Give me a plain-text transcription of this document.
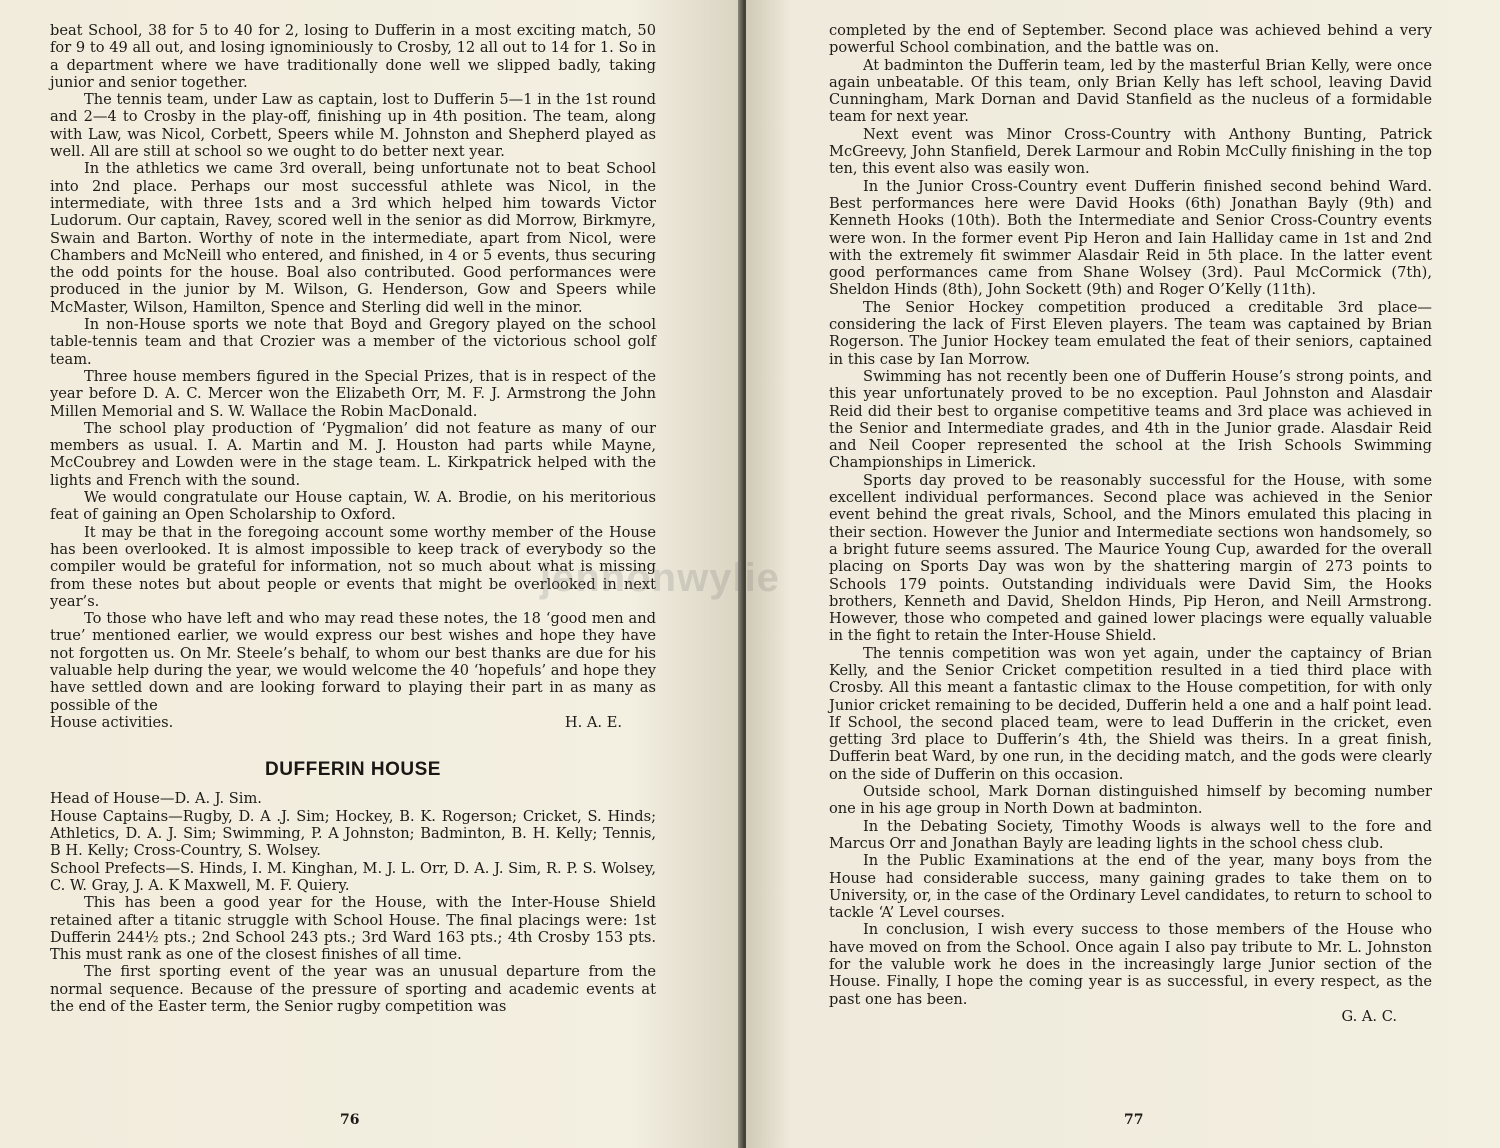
beat School, 38 for 5 to 40 for 2, losing to Dufferin in a most exciting match, 50 for 9 to 49 all out, and losing ignominiously to Crosby, 12 all out to 14 for 1. So in a department where we have traditionally done well we slipped badly, taking junior and senior together.

The tennis team, under Law as captain, lost to Dufferin 5—1 in the 1st round and 2—4 to Crosby in the play-off, finishing up in 4th position. The team, along with Law, was Nicol, Corbett, Speers while M. Johnston and Shepherd played as well. All are still at school so we ought to do better next year.

In the athletics we came 3rd overall, being unfortunate not to beat School into 2nd place. Perhaps our most successful athlete was Nicol, in the intermediate, with three 1sts and a 3rd which helped him towards Victor Ludorum. Our captain, Ravey, scored well in the senior as did Morrow, Birkmyre, Swain and Barton. Worthy of note in the intermediate, apart from Nicol, were Chambers and McNeill who entered, and finished, in 4 or 5 events, thus securing the odd points for the house. Boal also contributed. Good performances were produced in the junior by M. Wilson, G. Henderson, Gow and Speers while McMaster, Wilson, Hamilton, Spence and Sterling did well in the minor.

In non-House sports we note that Boyd and Gregory played on the school table-tennis team and that Crozier was a member of the victorious school golf team.

Three house members figured in the Special Prizes, that is in respect of the year before D. A. C. Mercer won the Elizabeth Orr, M. F. J. Armstrong the John Millen Memorial and S. W. Wallace the Robin MacDonald.

The school play production of ‘Pygmalion’ did not feature as many of our members as usual. I. A. Martin and M. J. Houston had parts while Mayne, McCoubrey and Lowden were in the stage team. L. Kirkpatrick helped with the lights and French with the sound.

We would congratulate our House captain, W. A. Brodie, on his meritorious feat of gaining an Open Scholarship to Oxford.

It may be that in the foregoing account some worthy member of the House has been overlooked. It is almost impossible to keep track of everybody so the compiler would be grateful for information, not so much about what is missing from these notes but about people or events that might be overlooked in next year’s.

To those who have left and who may read these notes, the 18 ‘good men and true’ mentioned earlier, we would express our best wishes and hope they have not forgotten us. On Mr. Steele’s behalf, to whom our best thanks are due for his valuable help during the year, we would welcome the 40 ‘hopefuls’ and hope they have settled down and are looking forward to playing their part in as many as possible of the

House activities.	H. A. E.
DUFFERIN HOUSE

Head of House—D. A. J. Sim.

House Captains—Rugby, D. A .J. Sim; Hockey, B. K. Rogerson; Cricket, S. Hinds; Athletics, D. A. J. Sim; Swimming, P. A Johnston; Badminton, B. H. Kelly; Tennis, B H. Kelly; Cross-Country, S. Wolsey.

School Prefects—S. Hinds, I. M. Kinghan, M. J. L. Orr, D. A. J. Sim, R. P. S. Wolsey, C. W. Gray, J. A. K Maxwell, M. F. Quiery.

This has been a good year for the House, with the Inter-House Shield retained after a titanic struggle with School House. The final placings were: 1st Dufferin 244½ pts.; 2nd School 243 pts.; 3rd Ward 163 pts.; 4th Crosby 153 pts. This must rank as one of the closest finishes of all time.

The first sporting event of the year was an unusual departure from the normal sequence. Because of the pressure of sporting and academic events at the end of the Easter term, the Senior rugby competition was

76

completed by the end of September. Second place was achieved behind a very powerful School combination, and the battle was on.

At badminton the Dufferin team, led by the masterful Brian Kelly, were once again unbeatable. Of this team, only Brian Kelly has left school, leaving David Cunningham, Mark Dornan and David Stanfield as the nucleus of a formidable team for next year.

Next event was Minor Cross-Country with Anthony Bunting, Patrick McGreevy, John Stanfield, Derek Larmour and Robin McCully finishing in the top ten, this event also was easily won.

In the Junior Cross-Country event Dufferin finished second behind Ward. Best performances here were David Hooks (6th) Jonathan Bayly (9th) and Kenneth Hooks (10th). Both the Intermediate and Senior Cross-Country events were won. In the former event Pip Heron and Iain Halliday came in 1st and 2nd with the extremely fit swimmer Alasdair Reid in 5th place. In the latter event good performances came from Shane Wolsey (3rd). Paul McCormick (7th), Sheldon Hinds (8th), John Sockett (9th) and Roger O’Kelly (11th).

The Senior Hockey competition produced a creditable 3rd place—considering the lack of First Eleven players. The team was captained by Brian Rogerson. The Junior Hockey team emulated the feat of their seniors, captained in this case by Ian Morrow.

Swimming has not recently been one of Dufferin House’s strong points, and this year unfortunately proved to be no exception. Paul Johnston and Alasdair Reid did their best to organise competitive teams and 3rd place was achieved in the Senior and Intermediate grades, and 4th in the Junior grade. Alasdair Reid and Neil Cooper represented the school at the Irish Schools Swimming Championships in Limerick.

Sports day proved to be reasonably successful for the House, with some excellent individual performances. Second place was achieved in the Senior event behind the great rivals, School, and the Minors emulated this placing in their section. However the Junior and Intermediate sections won handsomely, so a bright future seems assured. The Maurice Young Cup, awarded for the overall placing on Sports Day was won by the shattering margin of 273 points to Schools 179 points. Outstanding individuals were David Sim, the Hooks brothers, Kenneth and David, Sheldon Hinds, Pip Heron, and Neill Armstrong. However, those who competed and gained lower placings were equally valuable in the fight to retain the Inter-House Shield.

The tennis competition was won yet again, under the captaincy of Brian Kelly, and the Senior Cricket competition resulted in a tied third place with Crosby. All this meant a fantastic climax to the House competition, for with only Junior cricket remaining to be decided, Dufferin held a one and a half point lead. If School, the second placed team, were to lead Dufferin in the cricket, even getting 3rd place to Dufferin’s 4th, the Shield was theirs. In a great finish, Dufferin beat Ward, by one run, in the deciding match, and the gods were clearly on the side of Dufferin on this occasion.

Outside school, Mark Dornan distinguished himself by becoming number one in his age group in North Down at badminton.

In the Debating Society, Timothy Woods is always well to the fore and Marcus Orr and Jonathan Bayly are leading lights in the school chess club.

In the Public Examinations at the end of the year, many boys from the House had considerable success, many gaining grades to take them on to University, or, in the case of the Ordinary Level candidates, to return to school to tackle ‘A’ Level courses.

In conclusion, I wish every success to those members of the House who have moved on from the School. Once again I also pay tribute to Mr. L. Johnston for the valuble work he does in the increasingly large Junior section of the House. Finally, I hope the coming year is as successful, in every respect, as the past one has been.

G. A. C.
77
jennonwylie
